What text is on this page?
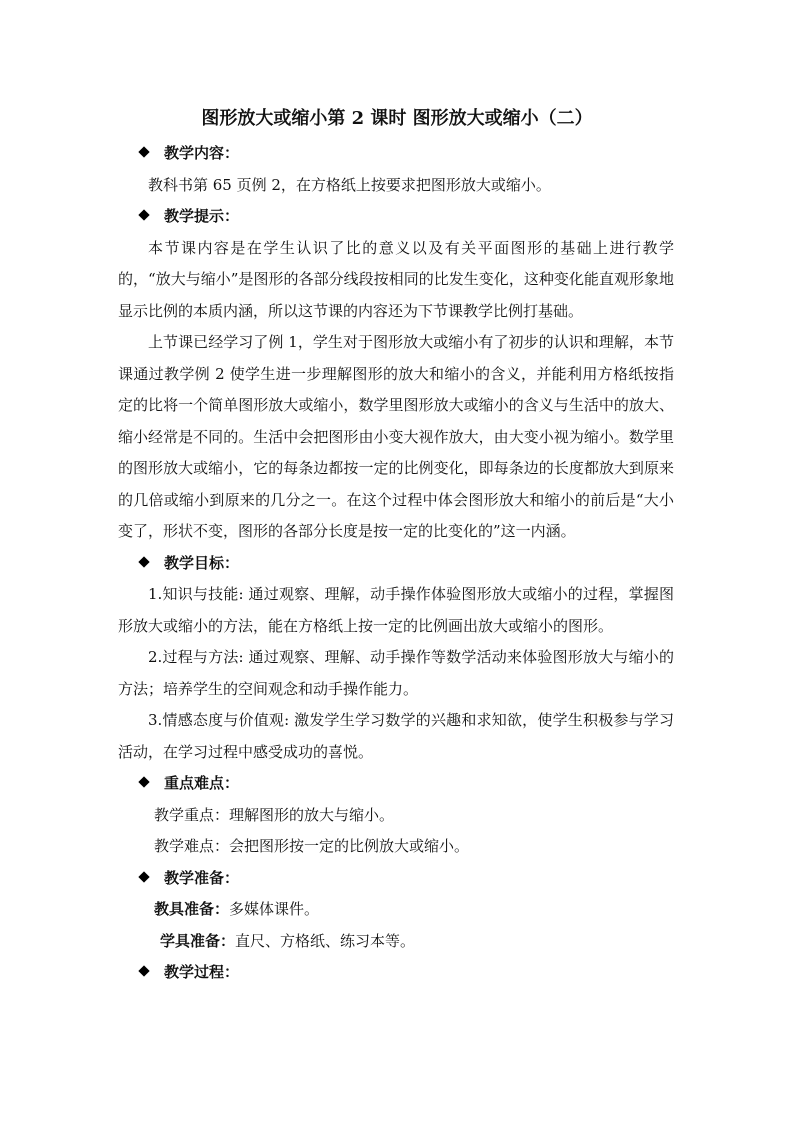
图形放大或缩小第 2 课时 图形放大或缩小（二）
教学内容：
教科书第 65 页例 2，在方格纸上按要求把图形放大或缩小。
教学提示：
本节课内容是在学生认识了比的意义以及有关平面图形的基础上进行教学的，“放大与缩小”是图形的各部分线段按相同的比发生变化，这种变化能直观形象地显示比例的本质内涵，所以这节课的内容还为下节课教学比例打基础。
上节课已经学习了例 1，学生对于图形放大或缩小有了初步的认识和理解，本节课通过教学例 2 使学生进一步理解图形的放大和缩小的含义，并能利用方格纸按指定的比将一个简单图形放大或缩小，数学里图形放大或缩小的含义与生活中的放大、缩小经常是不同的。生活中会把图形由小变大视作放大，由大变小视为缩小。数学里的图形放大或缩小，它的每条边都按一定的比例变化，即每条边的长度都放大到原来的几倍或缩小到原来的几分之一。在这个过程中体会图形放大和缩小的前后是“大小变了，形状不变，图形的各部分长度是按一定的比变化的”这一内涵。
教学目标：
1.知识与技能: 通过观察、理解，动手操作体验图形放大或缩小的过程，掌握图形放大或缩小的方法，能在方格纸上按一定的比例画出放大或缩小的图形。
2.过程与方法: 通过观察、理解、动手操作等数学活动来体验图形放大与缩小的方法；培养学生的空间观念和动手操作能力。
3.情感态度与价值观: 激发学生学习数学的兴趣和求知欲，使学生积极参与学习活动，在学习过程中感受成功的喜悦。
重点难点：
教学重点：理解图形的放大与缩小。
教学难点：会把图形按一定的比例放大或缩小。
教学准备：
教具准备：多媒体课件。
学具准备：直尺、方格纸、练习本等。
教学过程：
